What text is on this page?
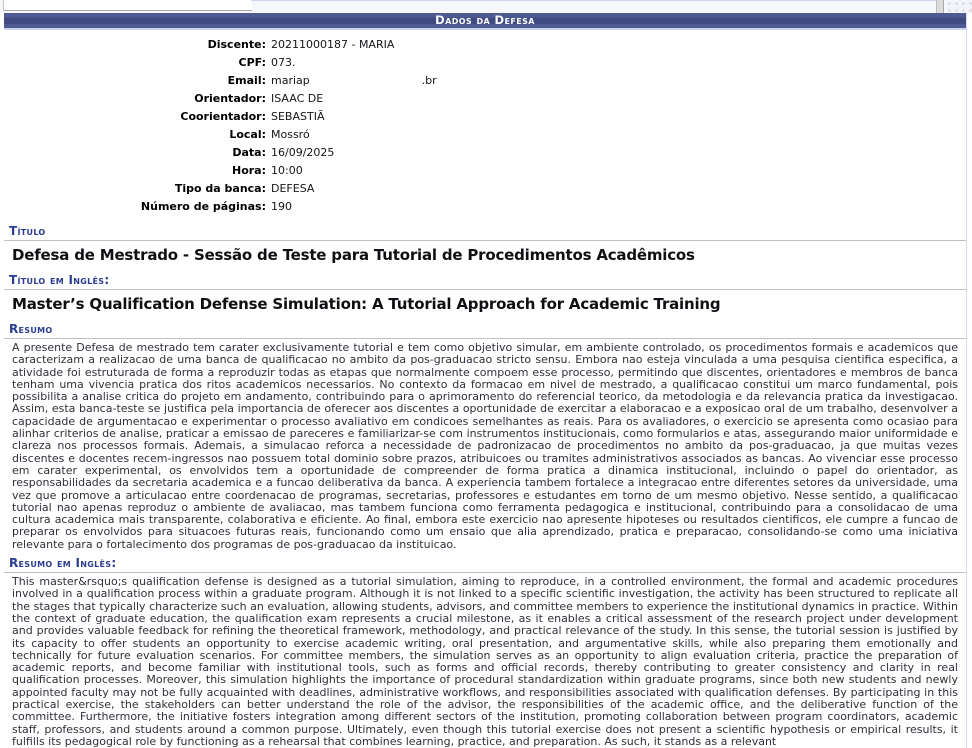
Dados da Defesa
Discente: 20211000187 - MARIA
CPF: 073.
Email: mariap                                .br
Orientador: ISAAC DE
Coorientador: SEBASTIÃ
Local: Mossró
Data: 16/09/2025
Hora: 10:00
Tipo da banca: DEFESA
Número de páginas: 190
Título
Defesa de Mestrado - Sessão de Teste para Tutorial de Procedimentos Acadêmicos
Título em Inglês:
Master’s Qualification Defense Simulation: A Tutorial Approach for Academic Training
Resumo

A presente Defesa de mestrado tem carater exclusivamente tutorial e tem como objetivo simular, em ambiente controlado, os procedimentos formais e academicos que caracterizam a realizacao de uma banca de qualificacao no ambito da pos-graduacao stricto sensu. Embora nao esteja vinculada a uma pesquisa cientifica especifica, a atividade foi estruturada de forma a reproduzir todas as etapas que normalmente compoem esse processo, permitindo que discentes, orientadores e membros de banca tenham uma vivencia pratica dos ritos academicos necessarios. No contexto da formacao em nivel de mestrado, a qualificacao constitui um marco fundamental, pois possibilita a analise critica do projeto em andamento, contribuindo para o aprimoramento do referencial teorico, da metodologia e da relevancia pratica da investigacao. Assim, esta banca-teste se justifica pela importancia de oferecer aos discentes a oportunidade de exercitar a elaboracao e a exposicao oral de um trabalho, desenvolver a capacidade de argumentacao e experimentar o processo avaliativo em condicoes semelhantes as reais. Para os avaliadores, o exercicio se apresenta como ocasiao para alinhar criterios de analise, praticar a emissao de pareceres e familiarizar-se com instrumentos institucionais, como formularios e atas, assegurando maior uniformidade e clareza nos processos formais. Ademais, a simulacao reforca a necessidade de padronizacao de procedimentos no ambito da pos-graduacao, ja que muitas vezes discentes e docentes recem-ingressos nao possuem total dominio sobre prazos, atribuicoes ou tramites administrativos associados as bancas. Ao vivenciar esse processo em carater experimental, os envolvidos tem a oportunidade de compreender de forma pratica a dinamica institucional, incluindo o papel do orientador, as responsabilidades da secretaria academica e a funcao deliberativa da banca. A experiencia tambem fortalece a integracao entre diferentes setores da universidade, uma vez que promove a articulacao entre coordenacao de programas, secretarias, professores e estudantes em torno de um mesmo objetivo. Nesse sentido, a qualificacao tutorial nao apenas reproduz o ambiente de avaliacao, mas tambem funciona como ferramenta pedagogica e institucional, contribuindo para a consolidacao de uma cultura academica mais transparente, colaborativa e eficiente. Ao final, embora este exercicio nao apresente hipoteses ou resultados cientificos, ele cumpre a funcao de preparar os envolvidos para situacoes futuras reais, funcionando como um ensaio que alia aprendizado, pratica e preparacao, consolidando-se como uma iniciativa relevante para o fortalecimento dos programas de pos-graduacao da instituicao.

Resumo em Inglês:

This master&rsquo;s qualification defense is designed as a tutorial simulation, aiming to reproduce, in a controlled environment, the formal and academic procedures involved in a qualification process within a graduate program. Although it is not linked to a specific scientific investigation, the activity has been structured to replicate all the stages that typically characterize such an evaluation, allowing students, advisors, and committee members to experience the institutional dynamics in practice. Within the context of graduate education, the qualification exam represents a crucial milestone, as it enables a critical assessment of the research project under development and provides valuable feedback for refining the theoretical framework, methodology, and practical relevance of the study. In this sense, the tutorial session is justified by its capacity to offer students an opportunity to exercise academic writing, oral presentation, and argumentative skills, while also preparing them emotionally and technically for future evaluation scenarios. For committee members, the simulation serves as an opportunity to align evaluation criteria, practice the preparation of academic reports, and become familiar with institutional tools, such as forms and official records, thereby contributing to greater consistency and clarity in real qualification processes. Moreover, this simulation highlights the importance of procedural standardization within graduate programs, since both new students and newly appointed faculty may not be fully acquainted with deadlines, administrative workflows, and responsibilities associated with qualification defenses. By participating in this practical exercise, the stakeholders can better understand the role of the advisor, the responsibilities of the academic office, and the deliberative function of the committee. Furthermore, the initiative fosters integration among different sectors of the institution, promoting collaboration between program coordinators, academic staff, professors, and students around a common purpose. Ultimately, even though this tutorial exercise does not present a scientific hypothesis or empirical results, it fulfills its pedagogical role by functioning as a rehearsal that combines learning, practice, and preparation. As such, it stands as a relevant
